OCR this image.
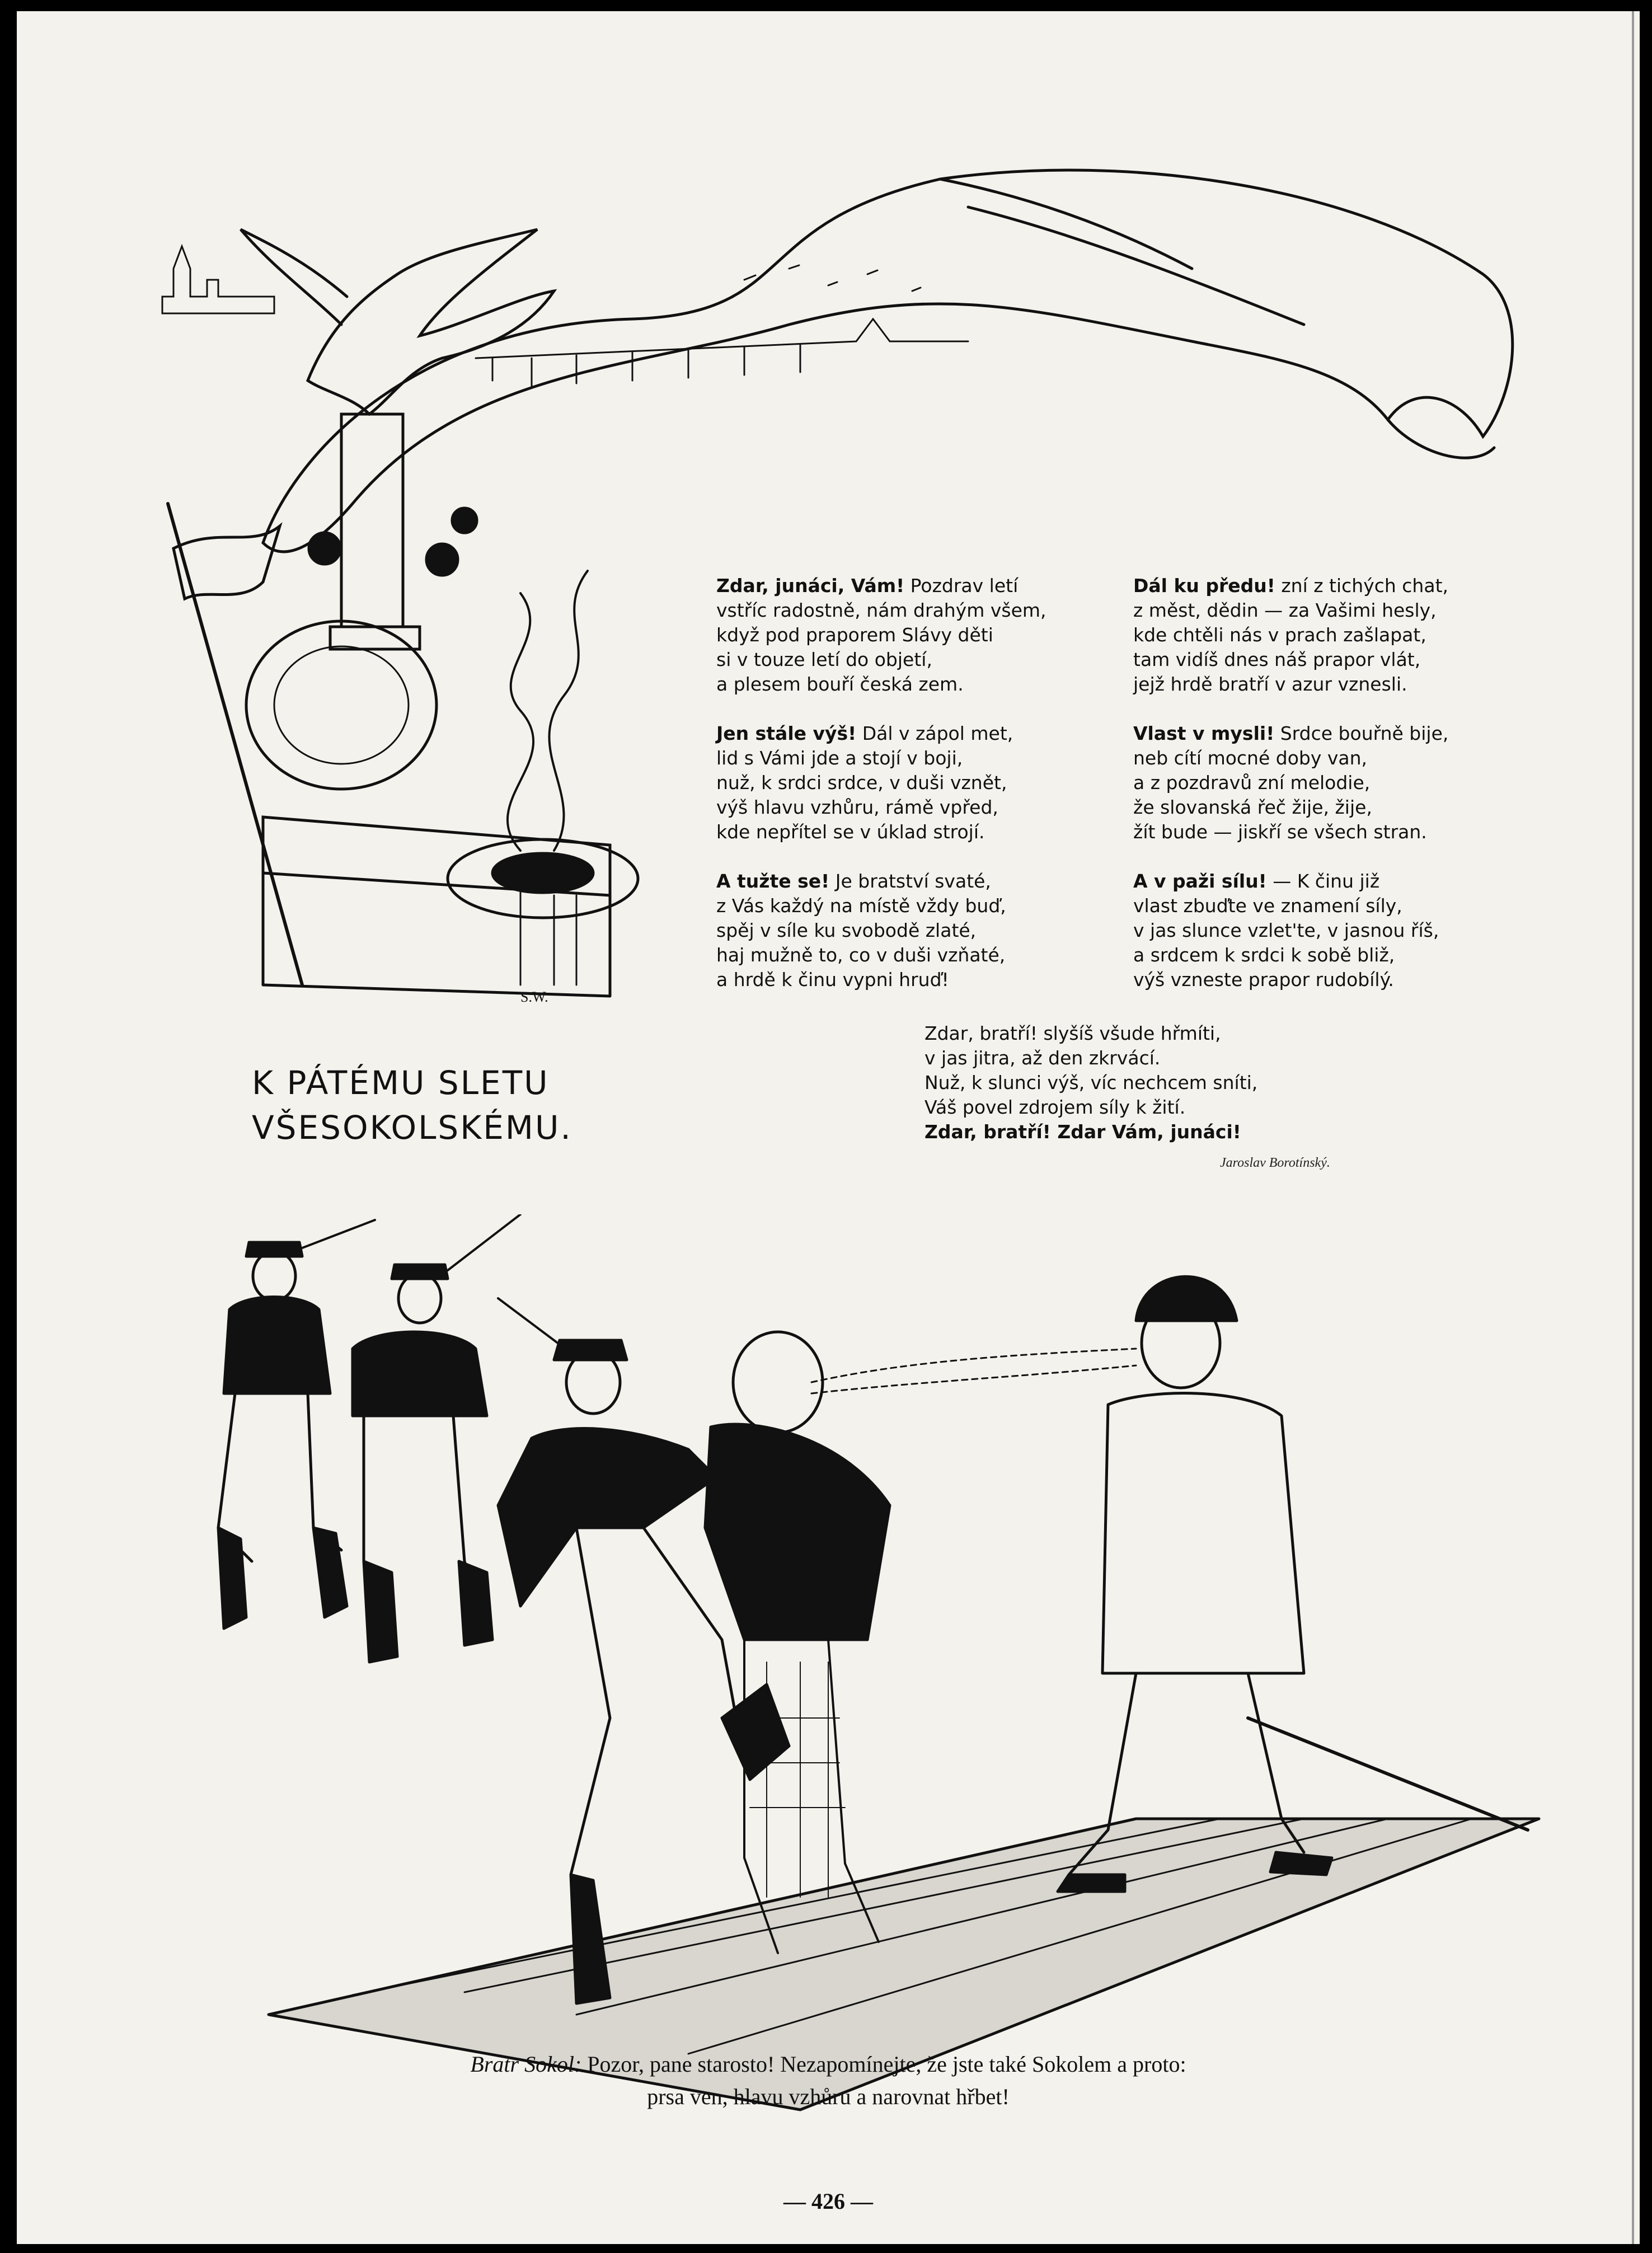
S.W.
Zdar, junáci, Vám! Pozdrav letí
vstříc radostně, nám drahým všem,
když pod praporem Slávy děti
si v touze letí do objetí,
a plesem bouří česká zem.
Jen stále výš! Dál v zápol met,
lid s Vámi jde a stojí v boji,
nuž, k srdci srdce, v duši vznět,
výš hlavu vzhůru, rámě vpřed,
kde nepřítel se v úklad strojí.
A tužte se! Je bratství svaté,
z Vás každý na místě vždy buď,
spěj v síle ku svobodě zlaté,
haj mužně to, co v duši vzňaté,
a hrdě k činu vypni hruď!
Dál ku předu! zní z tichých chat,
z měst, dědin — za Vašimi hesly,
kde chtěli nás v prach zašlapat,
tam vidíš dnes náš prapor vlát,
jejž hrdě bratří v azur vznesli.
Vlast v mysli! Srdce bouřně bije,
neb cítí mocné doby van,
a z pozdravů zní melodie,
že slovanská řeč žije, žije,
žít bude — jiskří se všech stran.
A v paži sílu! — K činu již
vlast zbuďte ve znamení síly,
v jas slunce vzlet'te, v jasnou říš,
a srdcem k srdci k sobě bliž,
výš vzneste prapor rudobílý.
Zdar, bratří! slyšíš všude hřmíti,
v jas jitra, až den zkrvácí.
Nuž, k slunci výš, víc nechcem sníti,
Váš povel zdrojem síly k žití.
Zdar, bratří! Zdar Vám, junáci!
K PÁTÉMU SLETU
VŠESOKOLSKÉMU.
Jaroslav Borotínský.
Bratr Sokol: Pozor, pane starosto! Nezapomínejte, že jste také Sokolem a proto:
prsa ven, hlavu vzhůru a narovnat hřbet!
— 426 —
